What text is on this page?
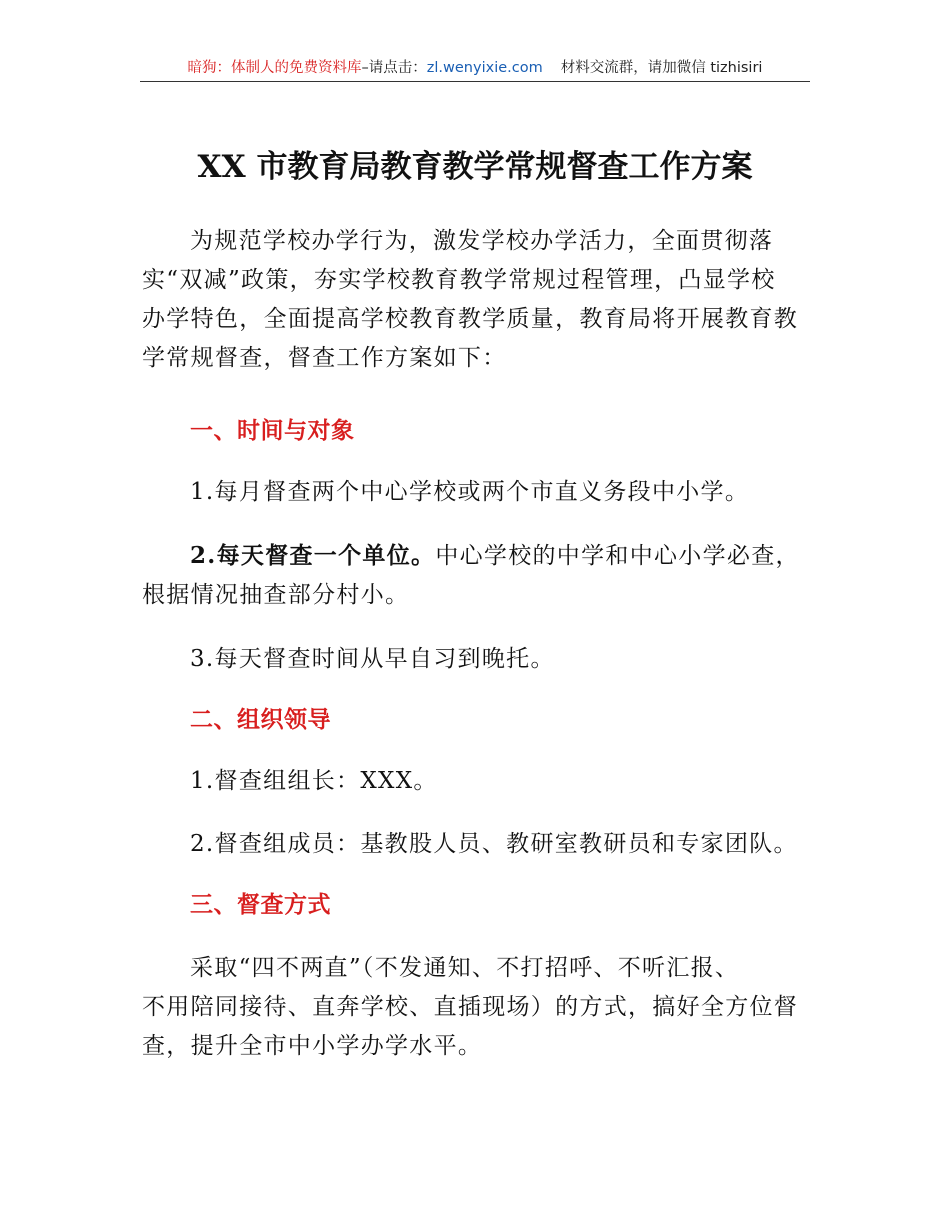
暗狗：体制人的免费资料库–请点击：zl.wenyixie.com 材料交流群，请加微信 tizhisiri
XX 市教育局教育教学常规督查工作方案
为规范学校办学行为，激发学校办学活力，全面贯彻落
实“双减”政策，夯实学校教育教学常规过程管理，凸显学校
办学特色，全面提高学校教育教学质量，教育局将开展教育教
学常规督查，督查工作方案如下：
一、时间与对象
1.每月督查两个中心学校或两个市直义务段中小学。
2.每天督查一个单位。中心学校的中学和中心小学必查，
根据情况抽查部分村小。
3.每天督查时间从早自习到晚托。
二、组织领导
1.督查组组长：XXX。
2.督查组成员：基教股人员、教研室教研员和专家团队。
三、督查方式
采取“四不两直”（不发通知、不打招呼、不听汇报、
不用陪同接待、直奔学校、直插现场）的方式，搞好全方位督
查，提升全市中小学办学水平。
